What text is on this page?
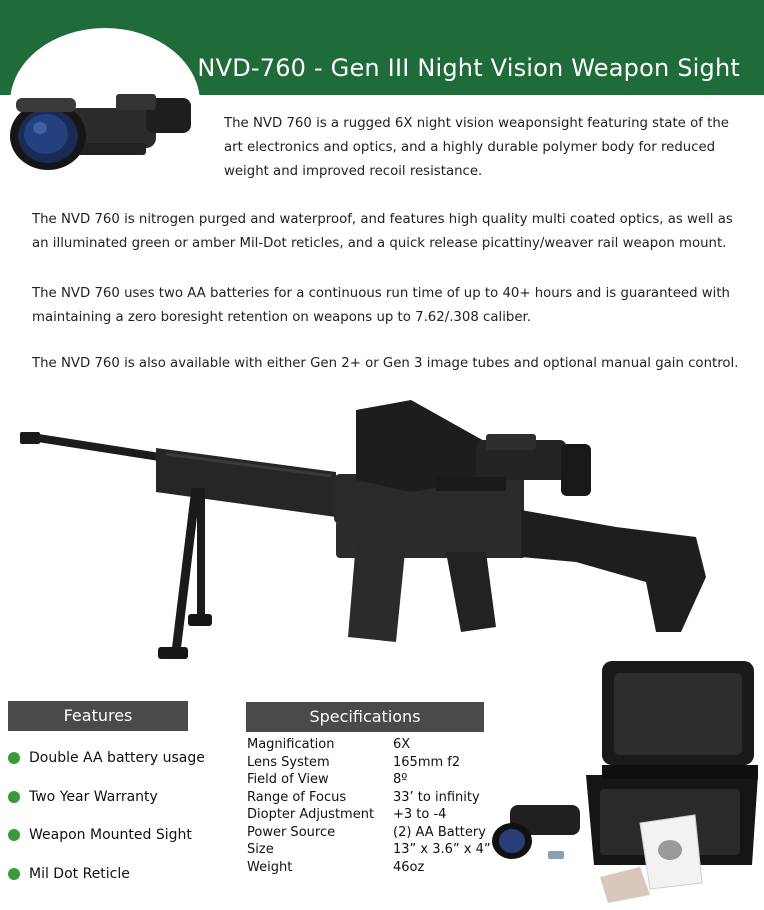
NVD-760 - Gen III Night Vision Weapon Sight

The NVD 760 is a rugged 6X night vision weaponsight featuring state of the art electronics and optics, and a highly durable polymer body for reduced weight and improved recoil resistance.

The NVD 760 is nitrogen purged and waterproof, and features high quality multi coated optics, as well as an illuminated green or amber Mil-Dot reticles, and a quick release picattiny/weaver rail weapon mount.

The NVD 760 uses two AA batteries for a continuous run time of up to 40+ hours and is guaranteed with maintaining a zero boresight retention on weapons up to 7.62/.308 caliber.

The NVD 760 is also available with either Gen 2+ or Gen 3 image tubes and optional manual gain control.

Features
Double AA battery usage
Two Year Warranty
Weapon Mounted Sight
Mil Dot Reticle
Specifications
Magnification	6X
Lens System	165mm f2
Field of View	8º
Range of Focus	33’ to infinity
Diopter Adjustment	+3 to -4
Power Source	(2) AA Battery
Size	13” x 3.6” x 4”
Weight	46oz
